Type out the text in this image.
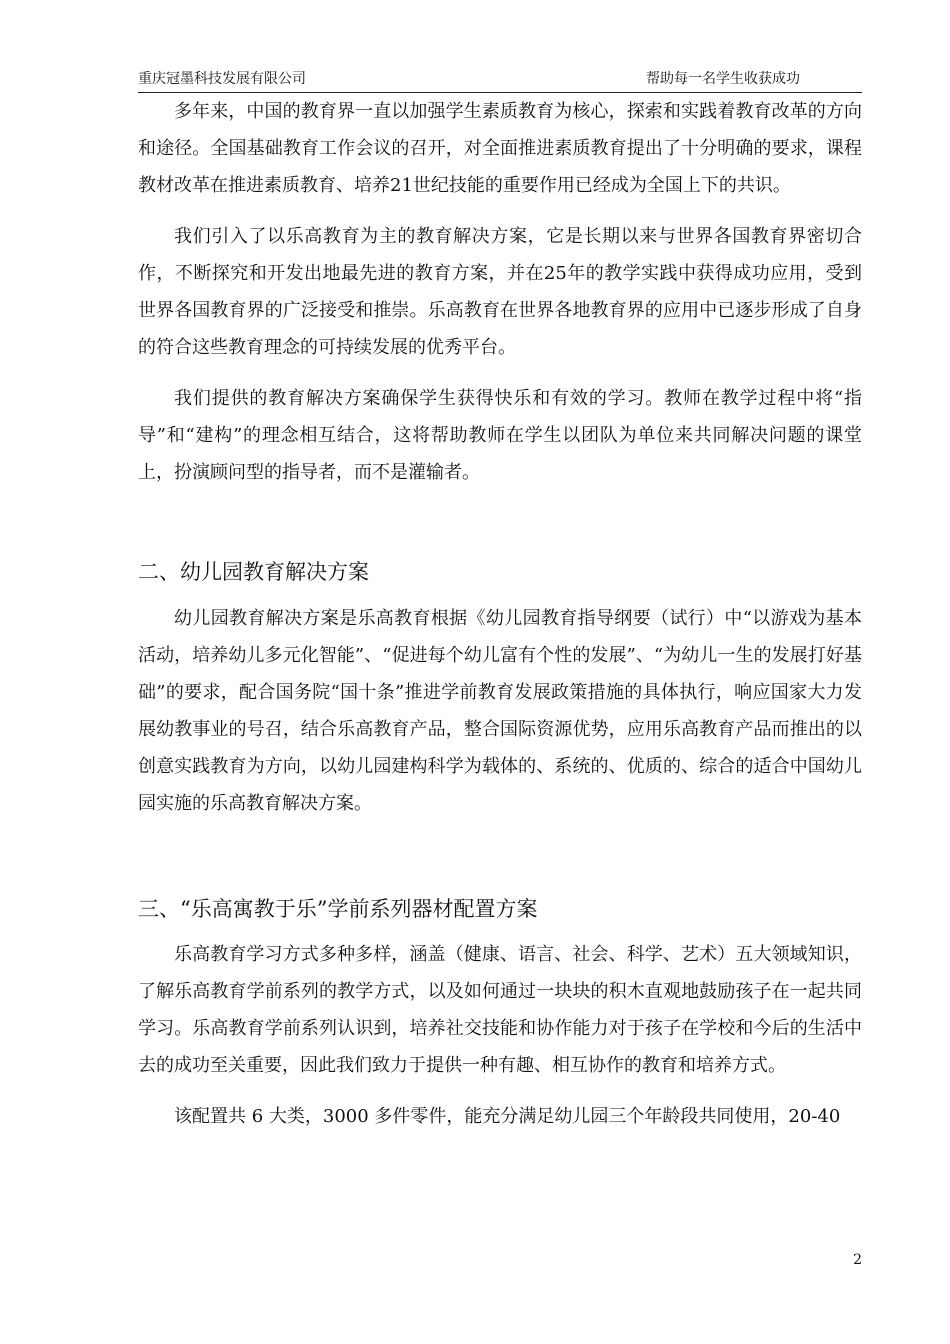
重庆冠墨科技发展有限公司	帮助每一名学生收获成功

多年来，中国的教育界一直以加强学生素质教育为核心，探索和实践着教育改革的方向和途径。全国基础教育工作会议的召开，对全面推进素质教育提出了十分明确的要求，课程教材改革在推进素质教育、培养21世纪技能的重要作用已经成为全国上下的共识。

我们引入了以乐高教育为主的教育解决方案，它是长期以来与世界各国教育界密切合作，不断探究和开发出地最先进的教育方案，并在25年的教学实践中获得成功应用，受到世界各国教育界的广泛接受和推崇。乐高教育在世界各地教育界的应用中已逐步形成了自身的符合这些教育理念的可持续发展的优秀平台。

我们提供的教育解决方案确保学生获得快乐和有效的学习。教师在教学过程中将“指导”和“建构”的理念相互结合，这将帮助教师在学生以团队为单位来共同解决问题的课堂上，扮演顾问型的指导者，而不是灌输者。

二、幼儿园教育解决方案

幼儿园教育解决方案是乐高教育根据《幼儿园教育指导纲要（试行）中“以游戏为基本活动，培养幼儿多元化智能”、“促进每个幼儿富有个性的发展”、“为幼儿一生的发展打好基础”的要求，配合国务院“国十条”推进学前教育发展政策措施的具体执行，响应国家大力发展幼教事业的号召，结合乐高教育产品，整合国际资源优势，应用乐高教育产品而推出的以创意实践教育为方向，以幼儿园建构科学为载体的、系统的、优质的、综合的适合中国幼儿园实施的乐高教育解决方案。

三、“乐高寓教于乐”学前系列器材配置方案

乐高教育学习方式多种多样，涵盖（健康、语言、社会、科学、艺术）五大领域知识，了解乐高教育学前系列的教学方式，以及如何通过一块块的积木直观地鼓励孩子在一起共同学习。乐高教育学前系列认识到，培养社交技能和协作能力对于孩子在学校和今后的生活中去的成功至关重要，因此我们致力于提供一种有趣、相互协作的教育和培养方式。

该配置共 6 大类，3000 多件零件，能充分满足幼儿园三个年龄段共同使用，20-40

2
